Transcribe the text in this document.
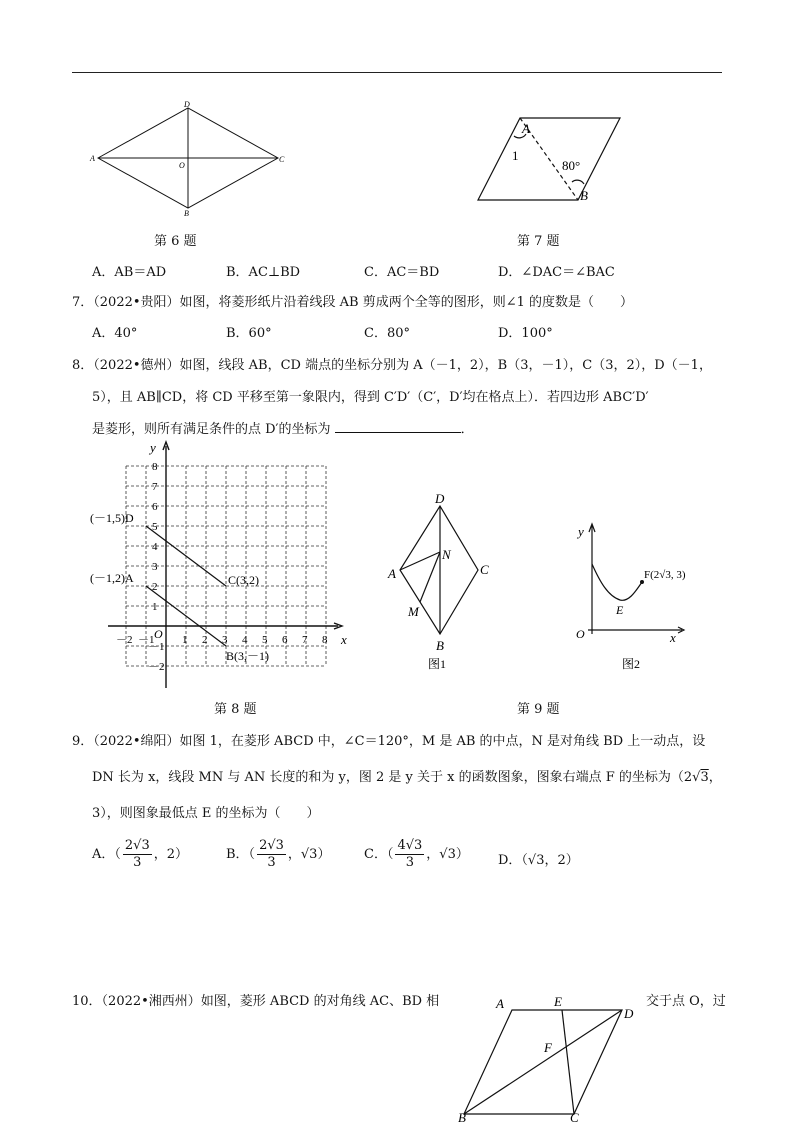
D
A
O
C
B
第 6 题
A
1
80°
B
第 7 题
A．AB＝AD	B．AC⊥BD	C．AC＝BD	D．∠DAC＝∠BAC
7．（2022•贵阳）如图，将菱形纸片沿着线段 AB 剪成两个全等的图形，则∠1 的度数是（　　）
A．40°	B．60°	C．80°	D．100°
8．（2022•德州）如图，线段 AB，CD 端点的坐标分别为 A（－1，2），B（3，－1），C（3，2），D（－1，
5），且 AB∥CD，将 CD 平移至第一象限内，得到 C′D′（C′，D′均在格点上）．若四边形 ABC′D′
是菱形，则所有满足条件的点 D′的坐标为	．
y
x
O
－2 －1	1 2 3 4 5 6 7 8
8
7
6
5
4
3
2
1
－1
－2
(－1,5)D
(－1,2)A	C(3,2)
B(3,－1)
第 8 题
D
A
N
C
M
B
图1
y
x
O
F(2√3, 3)
E
图2
第 9 题
9．（2022•绵阳）如图 1，在菱形 ABCD 中，∠C＝120°，M 是 AB 的中点，N 是对角线 BD 上一动点，设
DN 长为 x，线段 MN 与 AN 长度的和为 y，图 2 是 y 关于 x 的函数图象，图象右端点 F 的坐标为（2√3，
3），则图象最低点 E 的坐标为（　　）
A．（ $\frac{2√3}{3}$ ，2）	B．（ $\frac{2√3}{3}$ ，√3）	C．（ $\frac{4√3}{3}$ ，√3） D．（√3，2）
10．（2022•湘西州）如图，菱形 ABCD 的对角线 AC、BD 相	交于点 O，过
A	E
D
F
B	C
